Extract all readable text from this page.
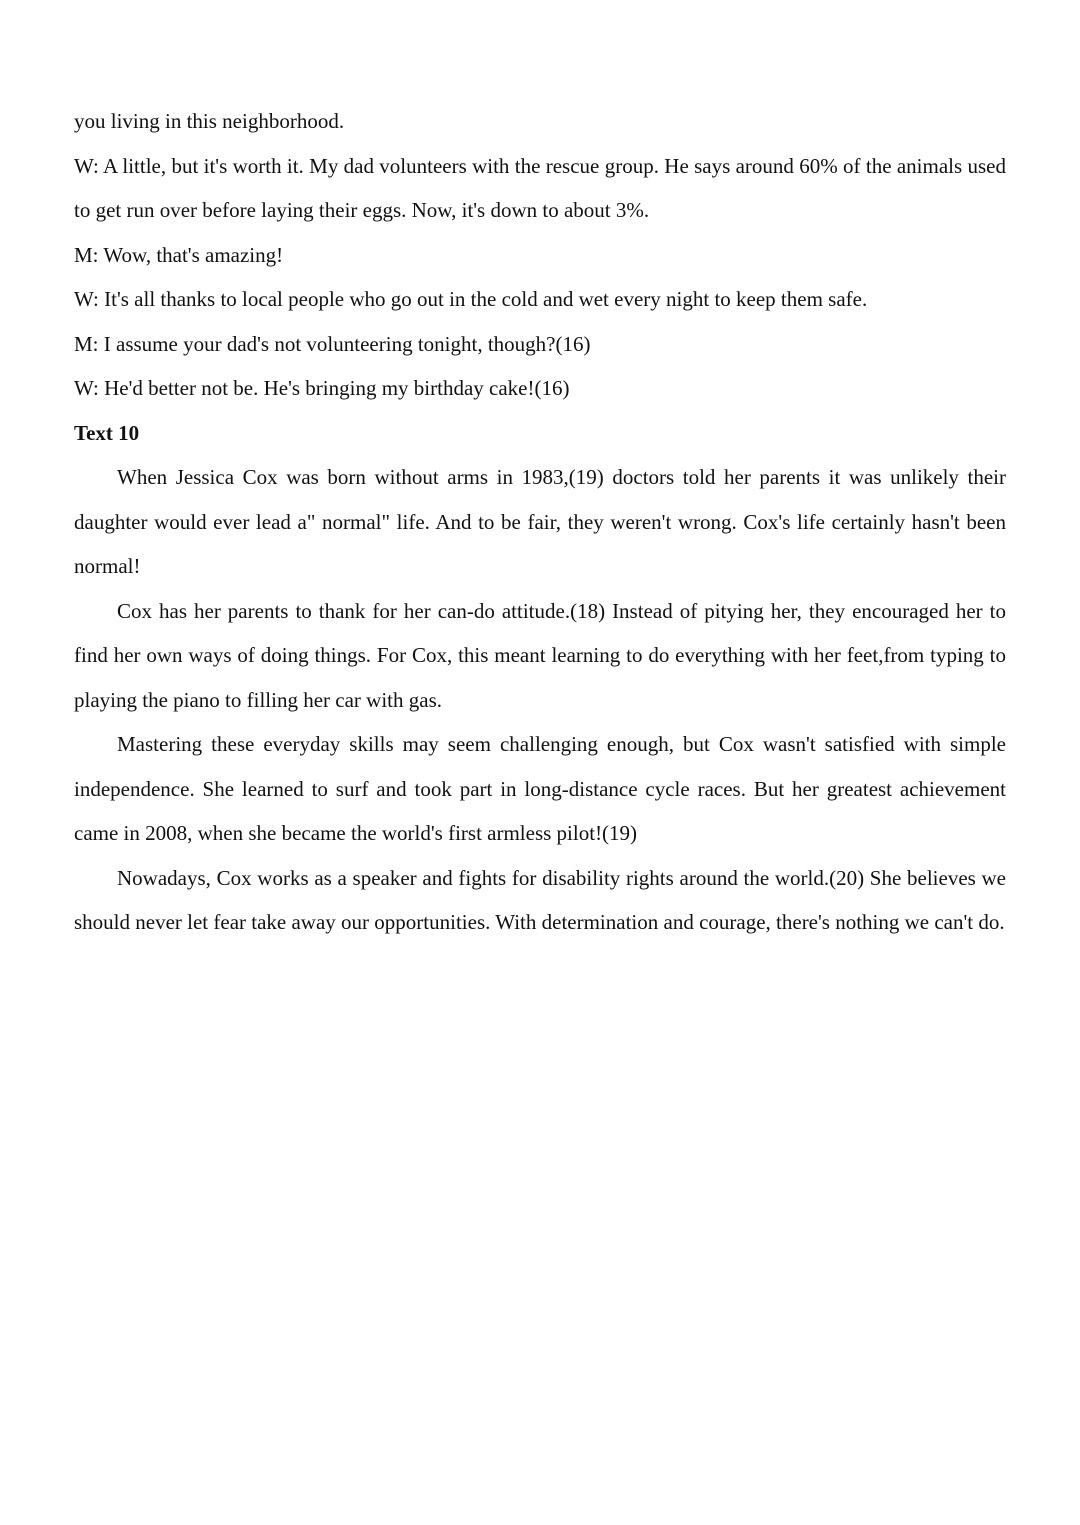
you living in this neighborhood.

W: A little, but it's worth it. My dad volunteers with the rescue group. He says around 60% of the animals used to get run over before laying their eggs. Now, it's down to about 3%.

M: Wow, that's amazing!

W: It's all thanks to local people who go out in the cold and wet every night to keep them safe.

M: I assume your dad's not volunteering tonight, though?(16)

W: He'd better not be. He's bringing my birthday cake!(16)

Text 10

When Jessica Cox was born without arms in 1983,(19) doctors told her parents it was unlikely their daughter would ever lead a" normal" life. And to be fair, they weren't wrong. Cox's life certainly hasn't been normal!

Cox has her parents to thank for her can-do attitude.(18) Instead of pitying her, they encouraged her to find her own ways of doing things. For Cox, this meant learning to do everything with her feet,from typing to playing the piano to filling her car with gas.

Mastering these everyday skills may seem challenging enough, but Cox wasn't satisfied with simple independence. She learned to surf and took part in long-distance cycle races. But her greatest achievement came in 2008, when she became the world's first armless pilot!(19)

Nowadays, Cox works as a speaker and fights for disability rights around the world.(20) She believes we should never let fear take away our opportunities. With determination and courage, there's nothing we can't do.
